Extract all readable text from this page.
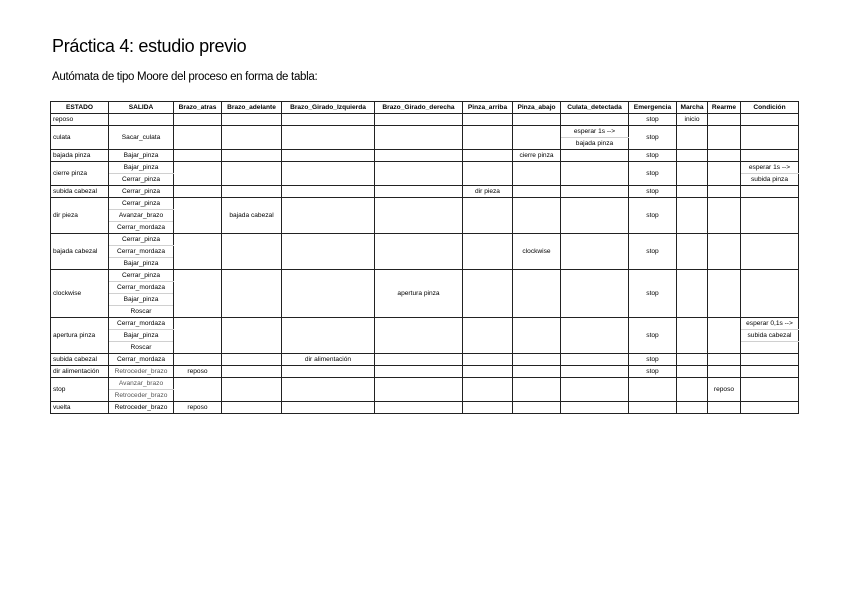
Práctica 4: estudio previo

Autómata de tipo Moore del proceso en forma de tabla:

ESTADO	SALIDA	Brazo_atras	Brazo_adelante	Brazo_Girado_Izquierda	Brazo_Girado_derecha	Pinza_arriba	Pinza_abajo	Culata_detectada	Emergencia	Marcha	Rearme	Condición
reposo									stop	inicio		
culata	Sacar_culata							esperar 1s -->	stop			
								bajada pinza				
bajada pinza	Bajar_pinza						cierre pinza		stop			
cierre pinza	Bajar_pinza								stop			esperar 1s -->
	Cerrar_pinza											subida pinza
subida cabezal	Cerrar_pinza					dir pieza			stop			
dir pieza	Cerrar_pinza		bajada cabezal						stop			
	Avanzar_brazo											
	Cerrar_mordaza											
bajada cabezal	Cerrar_pinza						clockwise		stop			
	Cerrar_mordaza											
	Bajar_pinza											
clockwise	Cerrar_pinza				apertura pinza				stop			
	Cerrar_mordaza											
	Bajar_pinza											
	Roscar											
apertura pinza	Cerrar_mordaza								stop			esperar 0,1s -->
	Bajar_pinza											subida cabezal
	Roscar											
subida cabezal	Cerrar_mordaza			dir alimentación					stop			
dir alimentación	Retroceder_brazo	reposo							stop			
stop	Avanzar_brazo										reposo	
	Retroceder_brazo											
vuelta	Retroceder_brazo	reposo										
